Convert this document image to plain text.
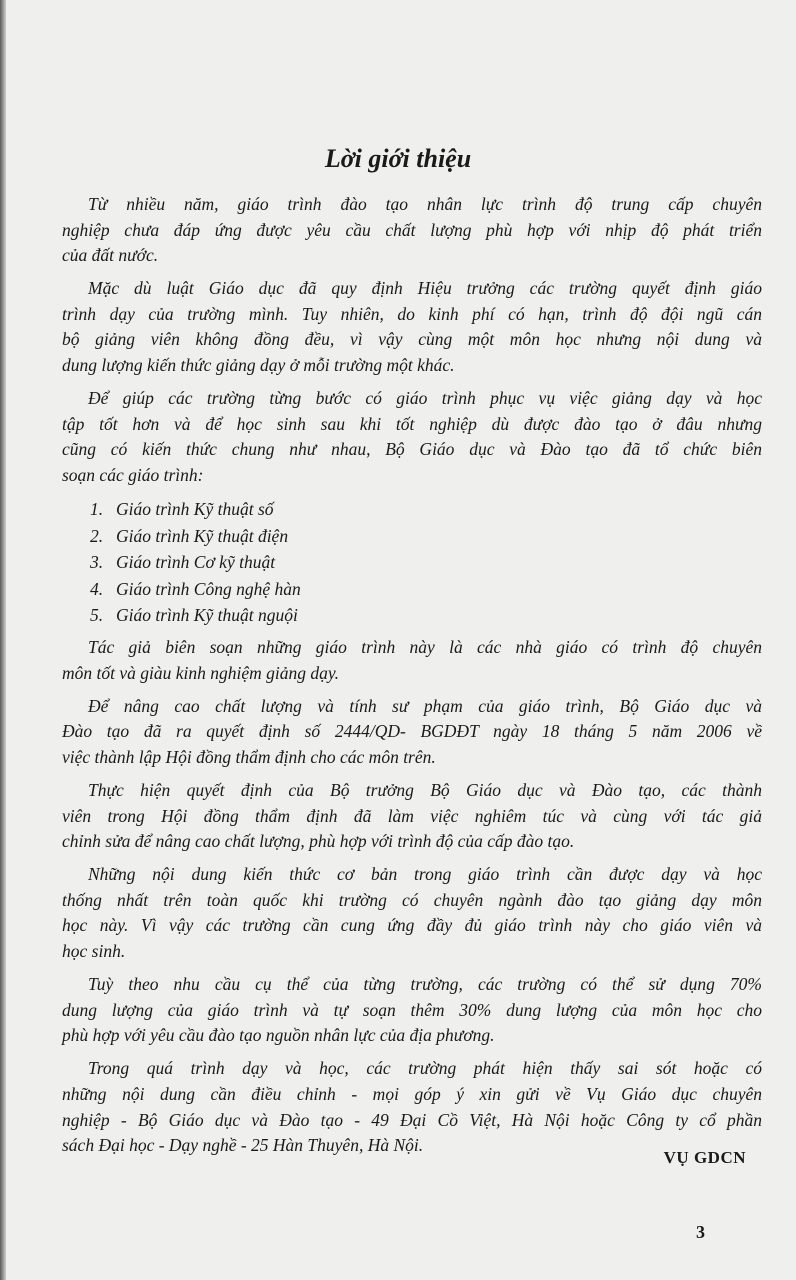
Lời giới thiệu
Từ nhiều năm, giáo trình đào tạo nhân lực trình độ trung cấp chuyên
nghiệp chưa đáp ứng được yêu cầu chất lượng phù hợp với nhịp độ phát triển
của đất nước.
Mặc dù luật Giáo dục đã quy định Hiệu trưởng các trường quyết định giáo
trình dạy của trường mình. Tuy nhiên, do kinh phí có hạn, trình độ đội ngũ cán
bộ giảng viên không đồng đều, vì vậy cùng một môn học nhưng nội dung và
dung lượng kiến thức giảng dạy ở mỗi trường một khác.
Để giúp các trường từng bước có giáo trình phục vụ việc giảng dạy và học
tập tốt hơn và để học sinh sau khi tốt nghiệp dù được đào tạo ở đâu nhưng
cũng có kiến thức chung như nhau, Bộ Giáo dục và Đào tạo đã tổ chức biên
soạn các giáo trình:
1. Giáo trình Kỹ thuật số
2. Giáo trình Kỹ thuật điện
3. Giáo trình Cơ kỹ thuật
4. Giáo trình Công nghệ hàn
5. Giáo trình Kỹ thuật nguội
Tác giả biên soạn những giáo trình này là các nhà giáo có trình độ chuyên
môn tốt và giàu kinh nghiệm giảng dạy.
Để nâng cao chất lượng và tính sư phạm của giáo trình, Bộ Giáo dục và
Đào tạo đã ra quyết định số 2444/QD- BGDĐT ngày 18 tháng 5 năm 2006 về
việc thành lập Hội đồng thẩm định cho các môn trên.
Thực hiện quyết định của Bộ trưởng Bộ Giáo dục và Đào tạo, các thành
viên trong Hội đồng thẩm định đã làm việc nghiêm túc và cùng với tác giả
chỉnh sửa để nâng cao chất lượng, phù hợp với trình độ của cấp đào tạo.
Những nội dung kiến thức cơ bản trong giáo trình cần được dạy và học
thống nhất trên toàn quốc khi trường có chuyên ngành đào tạo giảng dạy môn
học này. Vì vậy các trường cần cung ứng đầy đủ giáo trình này cho giáo viên và
học sinh.
Tuỳ theo nhu cầu cụ thể của từng trường, các trường có thể sử dụng 70%
dung lượng của giáo trình và tự soạn thêm 30% dung lượng của môn học cho
phù hợp với yêu cầu đào tạo nguồn nhân lực của địa phương.
Trong quá trình dạy và học, các trường phát hiện thấy sai sót hoặc có
những nội dung cần điều chỉnh - mọi góp ý xin gửi về Vụ Giáo dục chuyên
nghiệp - Bộ Giáo dục và Đào tạo - 49 Đại Cồ Việt, Hà Nội hoặc Công ty cổ phần
sách Đại học - Dạy nghề - 25 Hàn Thuyên, Hà Nội.
VỤ GDCN
3
